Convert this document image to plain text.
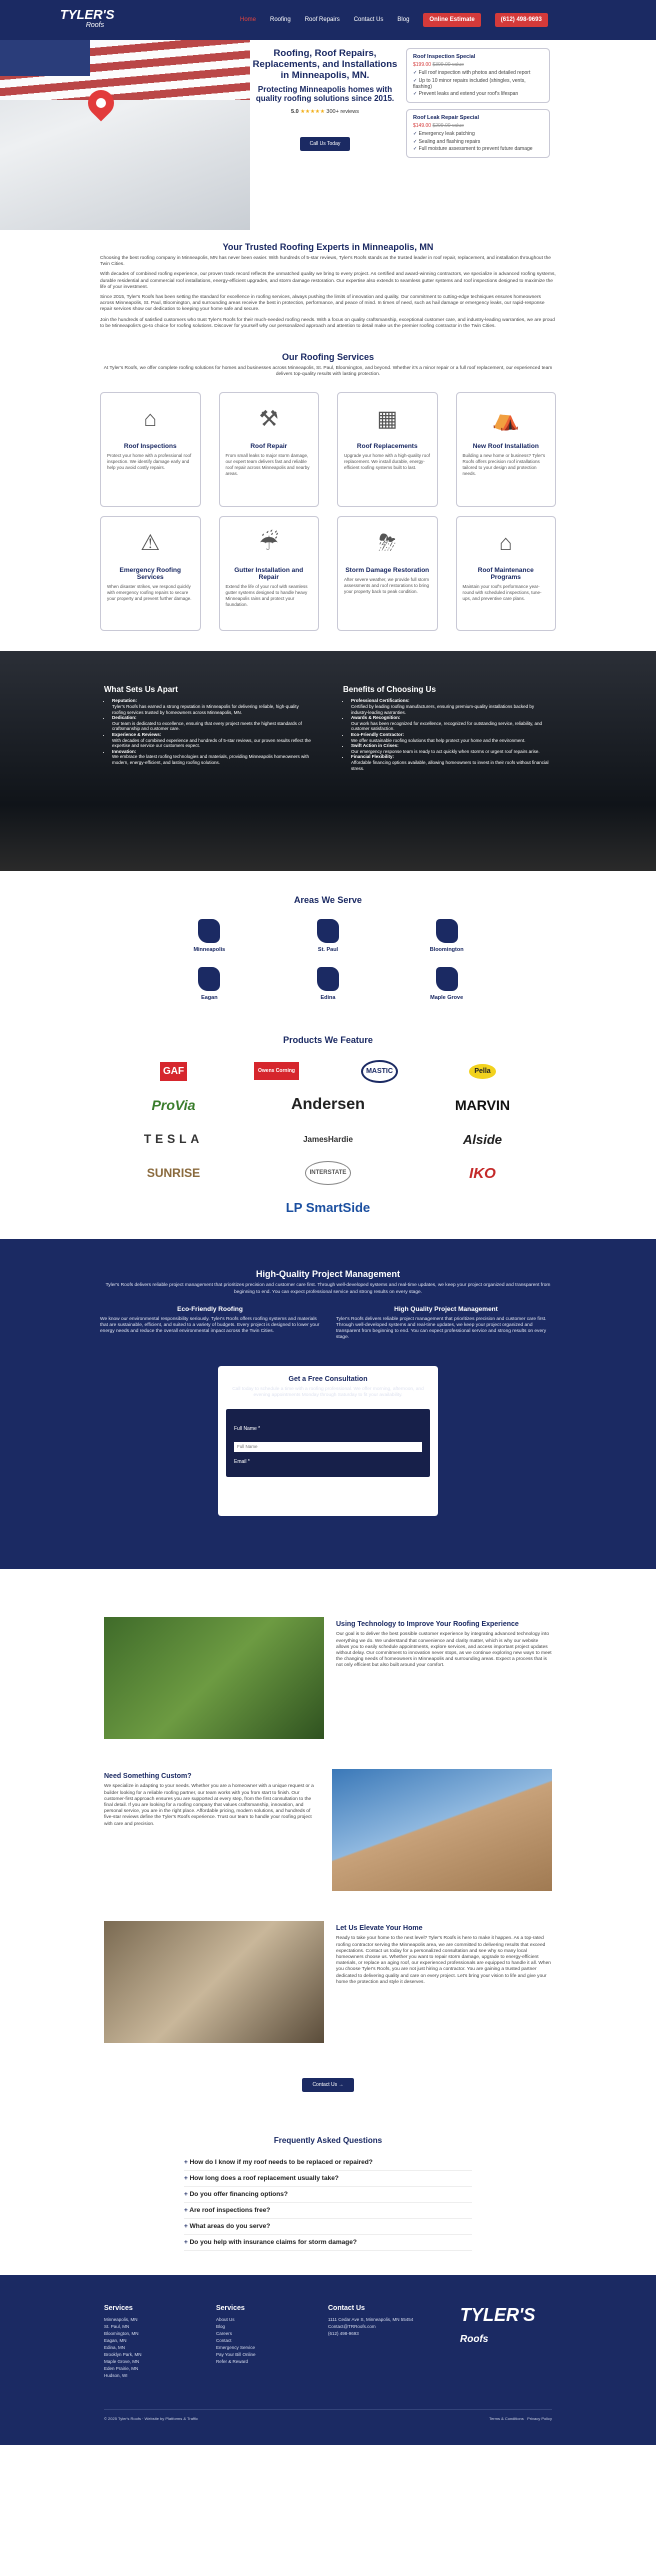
TYLER'S
Roofs
Home Roofing Roof Repairs Contact Us Blog	Online Estimate	(612) 498-9693
Roofing, Roof Repairs, Replacements, and Installations in Minneapolis, MN.
Protecting Minneapolis homes with quality roofing solutions since 2015.
5.0 ★★★★★ 300+ reviews
Call Us Today
Roof Inspection Special
$199.00 $399.00 value
✓ Full roof inspection with photos and detailed report
✓ Up to 10 minor repairs included (shingles, vents, flashing)
✓ Prevent leaks and extend your roof's lifespan
Roof Leak Repair Special
$149.00 $299.00 value
✓ Emergency leak patching
✓ Sealing and flashing repairs
✓ Full moisture assessment to prevent future damage
Your Trusted Roofing Experts in Minneapolis, MN

Choosing the best roofing company in Minneapolis, MN has never been easier. With hundreds of 5-star reviews, Tyler's Roofs stands as the trusted leader in roof repair, replacement, and installation throughout the Twin Cities.

With decades of combined roofing experience, our proven track record reflects the unmatched quality we bring to every project. As certified and award-winning contractors, we specialize in advanced roofing systems, durable residential and commercial roof installations, energy-efficient upgrades, and storm damage restoration. Our expertise also extends to seamless gutter systems and roof inspections designed to maximize the life of your investment.

Since 2015, Tyler's Roofs has been setting the standard for excellence in roofing services, always pushing the limits of innovation and quality. Our commitment to cutting-edge techniques ensures homeowners across Minneapolis, St. Paul, Bloomington, and surrounding areas receive the best in protection, performance, and peace of mind. In times of need, such as hail damage or emergency leaks, our rapid-response repair services show our dedication to keeping your home safe and secure.

Join the hundreds of satisfied customers who trust Tyler's Roofs for their much-needed roofing needs. With a focus on quality craftsmanship, exceptional customer care, and industry-leading warranties, we are proud to be Minneapolis's go-to choice for roofing solutions. Discover for yourself why our personalized approach and attention to detail make us the premier roofing contractor in the Twin Cities.

Our Roofing Services

At Tyler's Roofs, we offer complete roofing solutions for homes and businesses across Minneapolis, St. Paul, Bloomington, and beyond. Whether it's a minor repair or a full roof replacement, our experienced team delivers top-quality results with lasting protection.

⌂
Roof Inspections

Protect your home with a professional roof inspection. We identify damage early and help you avoid costly repairs.

⚒
Roof Repair

From small leaks to major storm damage, our expert team delivers fast and reliable roof repair across Minneapolis and nearby areas.

▦
Roof Replacements

Upgrade your home with a high-quality roof replacement. We install durable, energy-efficient roofing systems built to last.

⛺
New Roof Installation

Building a new home or business? Tyler's Roofs offers precision roof installations tailored to your design and protection needs.

⚠
Emergency Roofing Services

When disaster strikes, we respond quickly with emergency roofing repairs to secure your property and prevent further damage.

☔
Gutter Installation and Repair

Extend the life of your roof with seamless gutter systems designed to handle heavy Minneapolis rains and protect your foundation.

⛈
Storm Damage Restoration

After severe weather, we provide full storm assessments and roof restorations to bring your property back to peak condition.

⌂
Roof Maintenance Programs

Maintain your roof's performance year-round with scheduled inspections, tune-ups, and preventive care plans.

What Sets Us Apart
• Reputation:
Tyler's Roofs has earned a strong reputation in Minneapolis for delivering reliable, high-quality roofing services trusted by homeowners across Minneapolis, MN.
• Dedication:
Our team is dedicated to excellence, ensuring that every project meets the highest standards of craftsmanship and customer care.
• Experience & Reviews:
With decades of combined experience and hundreds of 5-star reviews, our proven results reflect the expertise and service our customers expect.
• Innovation:
We embrace the latest roofing technologies and materials, providing Minneapolis homeowners with modern, energy-efficient, and lasting roofing solutions.
Benefits of Choosing Us
• Professional Certifications:
Certified by leading roofing manufacturers, ensuring premium-quality installations backed by industry-leading warranties.
• Awards & Recognition:
Our work has been recognized for excellence, recognized for outstanding service, reliability, and customer satisfaction.
• Eco-Friendly Contractor:
We offer sustainable roofing solutions that help protect your home and the environment.
• Swift Action in Crises:
Our emergency response team is ready to act quickly when storms or urgent roof repairs arise.
• Financial Flexibility:
Affordable financing options available, allowing homeowners to invest in their roofs without financial stress.
Areas We Serve
Minneapolis	St. Paul	Bloomington
Eagan	Edina	Maple Grove
Products We Feature
GAF	Owens Corning	MASTIC	Pella
ProVia	Andersen	MARVIN
TESLA	JamesHardie	Alside
SUNRISE	INTERSTATE	IKO
LP SmartSide
High-Quality Project Management

Tyler's Roofs delivers reliable project management that prioritizes precision and customer care first. Through well-developed systems and real-time updates, we keep your project organized and transparent from beginning to end. You can expect professional service and strong results on every stage.

Eco-Friendly Roofing

We know our environmental responsibility seriously. Tyler's Roofs offers roofing systems and materials that are sustainable, efficient, and suited to a variety of budgets. Every project is designed to lower your energy needs and reduce the overall environmental impact across the Twin Cities.

High Quality Project Management

Tyler's Roofs delivers reliable project management that prioritizes precision and customer care first. Through well-developed systems and real-time updates, we keep your project organized and transparent from beginning to end. You can expect professional service and strong results on every stage.

Get a Free Consultation

Call today to schedule a time with a roofing professional. We offer morning, afternoon, and evening appointments Monday through Saturday to fit your availability.

Full Name * Full Name
Email *
Using Technology to Improve Your Roofing Experience

Our goal is to deliver the best possible customer experience by integrating advanced technology into everything we do. We understand that convenience and clarity matter, which is why our website allows you to easily schedule appointments, explore services, and access important project updates without delay. Our commitment to innovation never stops, as we continue exploring new ways to meet the changing needs of homeowners in Minneapolis and surrounding areas. Expect a process that is not only efficient but also built around your comfort.

Need Something Custom?

We specialize in adapting to your needs. Whether you are a homeowner with a unique request or a builder looking for a reliable roofing partner, our team works with you from start to finish. Our customer-first approach ensures you are supported at every step, from the first consultation to the final detail. If you are looking for a roofing company that values craftsmanship, innovation, and personal service, you are in the right place. Affordable pricing, modern solutions, and hundreds of five-star reviews define the Tyler's Roofs experience. Trust our team to handle your roofing project with care and precision.

Let Us Elevate Your Home

Ready to take your home to the next level? Tyler's Roofs is here to make it happen. As a top-rated roofing contractor serving the Minneapolis area, we are committed to delivering results that exceed expectations. Contact us today for a personalized consultation and see why so many local homeowners choose us. Whether you want to repair storm damage, upgrade to energy-efficient materials, or replace an aging roof, our experienced professionals are equipped to handle it all. When you choose Tyler's Roofs, you are not just hiring a contractor. You are gaining a trusted partner dedicated to delivering quality and care on every project. Let's bring your vision to life and give your home the protection and style it deserves.

Contact Us →
Frequently Asked Questions
+ How do I know if my roof needs to be replaced or repaired?
+ How long does a roof replacement usually take?
+ Do you offer financing options?
+ Are roof inspections free?
+ What areas do you serve?
+ Do you help with insurance claims for storm damage?
Services

Minneapolis, MN

St. Paul, MN

Bloomington, MN

Eagan, MN

Edina, MN

Brooklyn Park, MN

Maple Grove, MN

Eden Prairie, MN

Hudson, WI

Services

About Us

Blog

Careers

Contact

Emergency Service

Pay Your Bill Online

Refer & Reward

Contact Us

1111 Cedar Ave S, Minneapolis, MN 55454

Contact@TRRoofs.com

(612) 498-9693

TYLER'S
Roofs
© 2025 Tyler's Roofs · Website by Platforms & Traffic	Terms & Conditions Privacy Policy
